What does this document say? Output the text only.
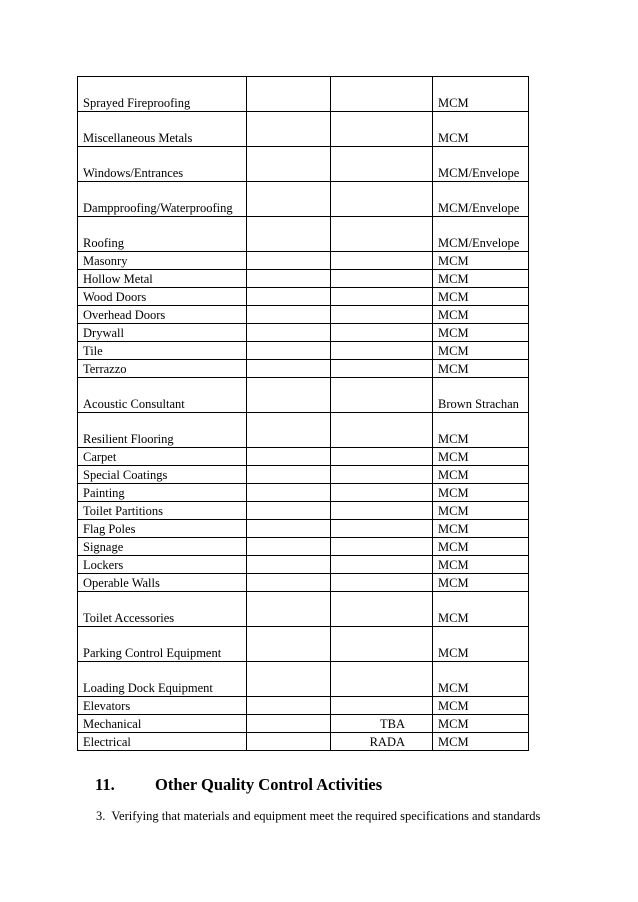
Sprayed Fireproofing			MCM
Miscellaneous Metals			MCM
Windows/Entrances			MCM/Envelope
Dampproofing/Waterproofing			MCM/Envelope
Roofing			MCM/Envelope
Masonry			MCM
Hollow Metal			MCM
Wood Doors			MCM
Overhead Doors			MCM
Drywall			MCM
Tile			MCM
Terrazzo			MCM
Acoustic Consultant			Brown Strachan
Resilient Flooring			MCM
Carpet			MCM
Special Coatings			MCM
Painting			MCM
Toilet Partitions			MCM
Flag Poles			MCM
Signage			MCM
Lockers			MCM
Operable Walls			MCM
Toilet Accessories			MCM
Parking Control Equipment			MCM
Loading Dock Equipment			MCM
Elevators			MCM
Mechanical		TBA	MCM
Electrical		RADA	MCM
11. Other Quality Control Activities
3. Verifying that materials and equipment meet the required specifications and standards
